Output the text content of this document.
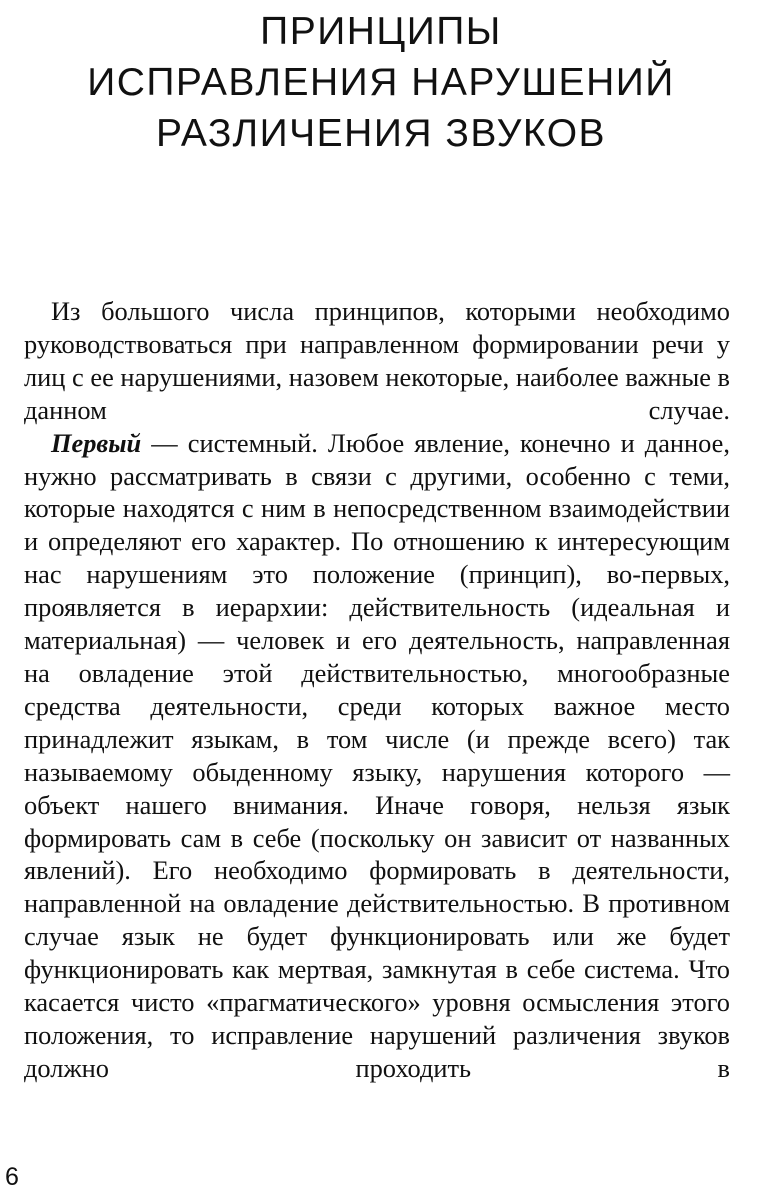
ПРИНЦИПЫ
ИСПРАВЛЕНИЯ НАРУШЕНИЙ
РАЗЛИЧЕНИЯ ЗВУКОВ

Из большого числа принципов, которыми необходимо руководствоваться при направленном формировании речи у лиц с ее нарушениями, назовем некоторые, наиболее важные в данном случае.

Первый — системный. Любое явление, конечно и данное, нужно рассматривать в связи с другими, особенно с теми, которые находятся с ним в непосредственном взаимодействии и определяют его характер. По отношению к интересующим нас нарушениям это положение (принцип), во-первых, проявляется в иерархии: действительность (идеальная и материальная) — человек и его деятельность, направленная на овладение этой действительностью, многообразные средства деятельности, среди которых важное место принадлежит языкам, в том числе (и прежде всего) так называемому обыденному языку, нарушения которого — объект нашего внимания. Иначе говоря, нельзя язык формировать сам в себе (поскольку он зависит от названных явлений). Его необходимо формировать в деятельности, направленной на овладение действительностью. В противном случае язык не будет функционировать или же будет функционировать как мертвая, замкнутая в себе система. Что касается чисто «прагматического» уровня осмысления этого положения, то исправление нарушений различения звуков должно проходить в

6
